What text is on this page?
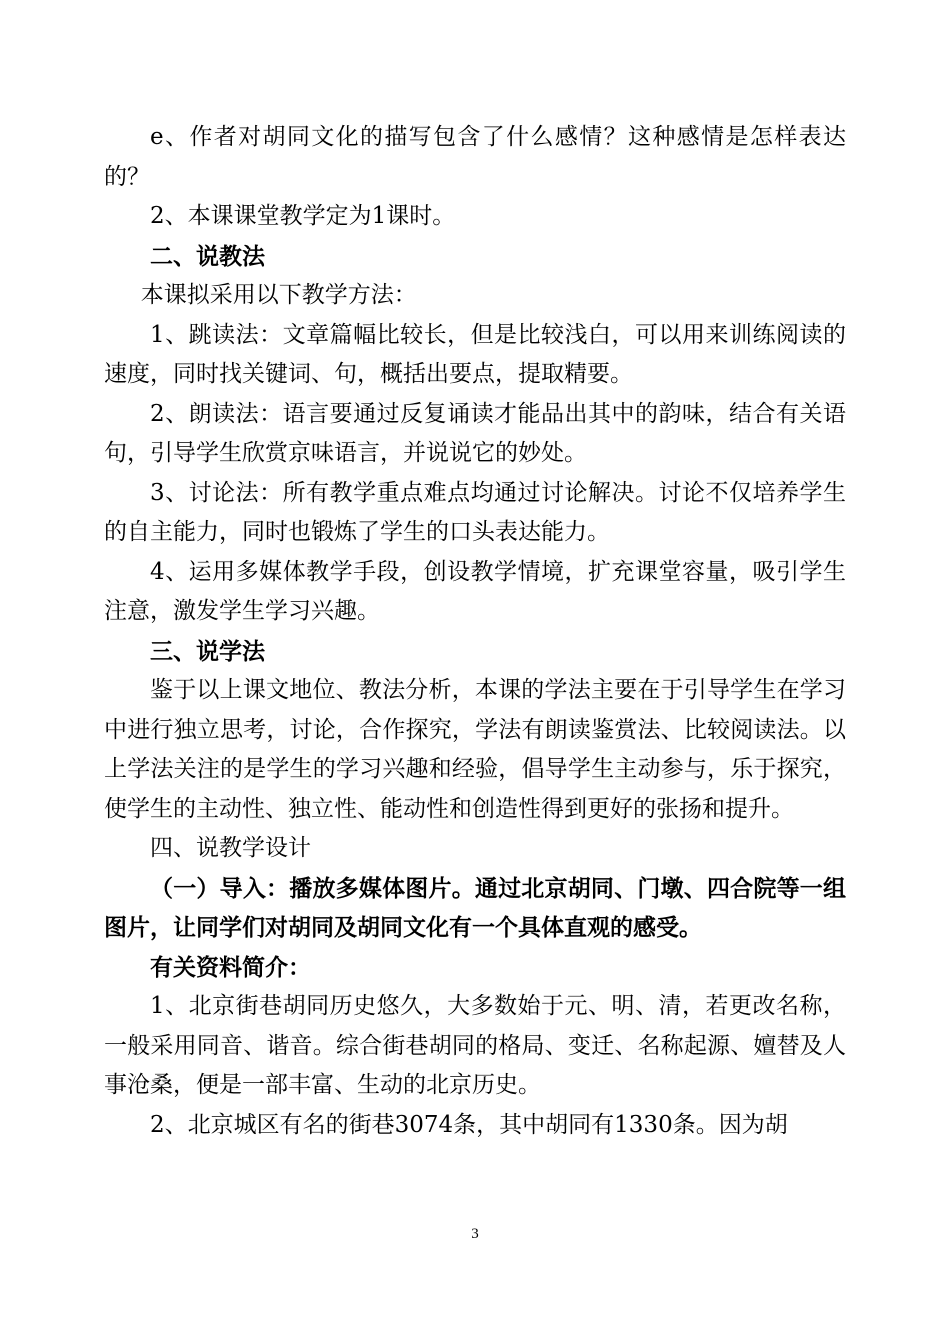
e、作者对胡同文化的描写包含了什么感情？这种感情是怎样表达的？

2、本课课堂教学定为1课时。

二、说教法

本课拟采用以下教学方法：

1、跳读法：文章篇幅比较长，但是比较浅白，可以用来训练阅读的速度，同时找关键词、句，概括出要点，提取精要。

2、朗读法：语言要通过反复诵读才能品出其中的韵味，结合有关语句，引导学生欣赏京味语言，并说说它的妙处。

3、讨论法：所有教学重点难点均通过讨论解决。讨论不仅培养学生的自主能力，同时也锻炼了学生的口头表达能力。

4、运用多媒体教学手段，创设教学情境，扩充课堂容量，吸引学生注意，激发学生学习兴趣。

三、说学法

鉴于以上课文地位、教法分析，本课的学法主要在于引导学生在学习中进行独立思考，讨论，合作探究，学法有朗读鉴赏法、比较阅读法。以上学法关注的是学生的学习兴趣和经验，倡导学生主动参与，乐于探究，使学生的主动性、独立性、能动性和创造性得到更好的张扬和提升。

四、说教学设计

（一）导入：播放多媒体图片。通过北京胡同、门墩、四合院等一组图片，让同学们对胡同及胡同文化有一个具体直观的感受。

有关资料简介：

1、北京街巷胡同历史悠久，大多数始于元、明、清，若更改名称，一般采用同音、谐音。综合街巷胡同的格局、变迁、名称起源、嬗替及人事沧桑，便是一部丰富、生动的北京历史。

2、北京城区有名的街巷3074条，其中胡同有1330条。因为胡

3
